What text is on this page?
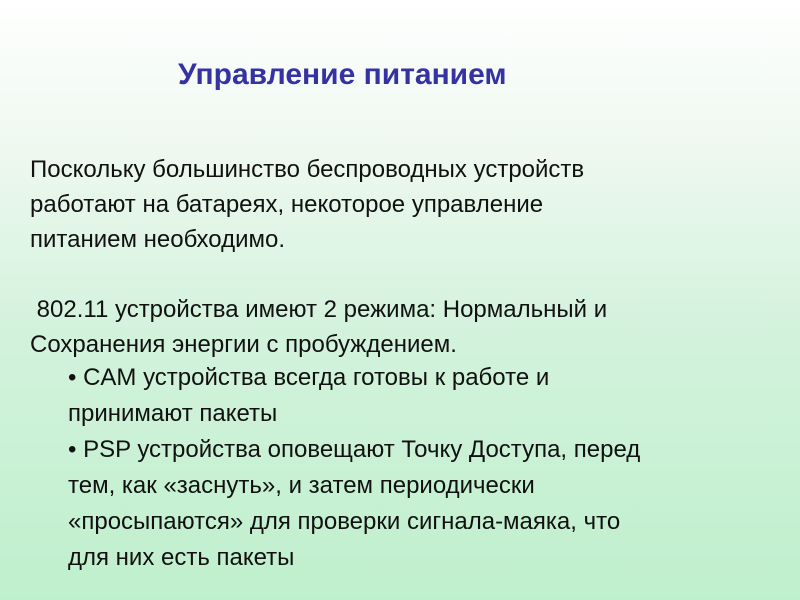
Управление питанием
Поскольку большинство беспроводных устройств
работают на батареях, некоторое управление
питанием необходимо.
802.11 устройства имеют 2 режима: Нормальный и
Сохранения энергии с пробуждением.
• CAM устройства всегда готовы к работе и
принимают пакеты
• PSP устройства оповещают Точку Доступа, перед
тем, как «заснуть», и затем периодически
«просыпаются» для проверки сигнала-маяка, что
для них есть пакеты
